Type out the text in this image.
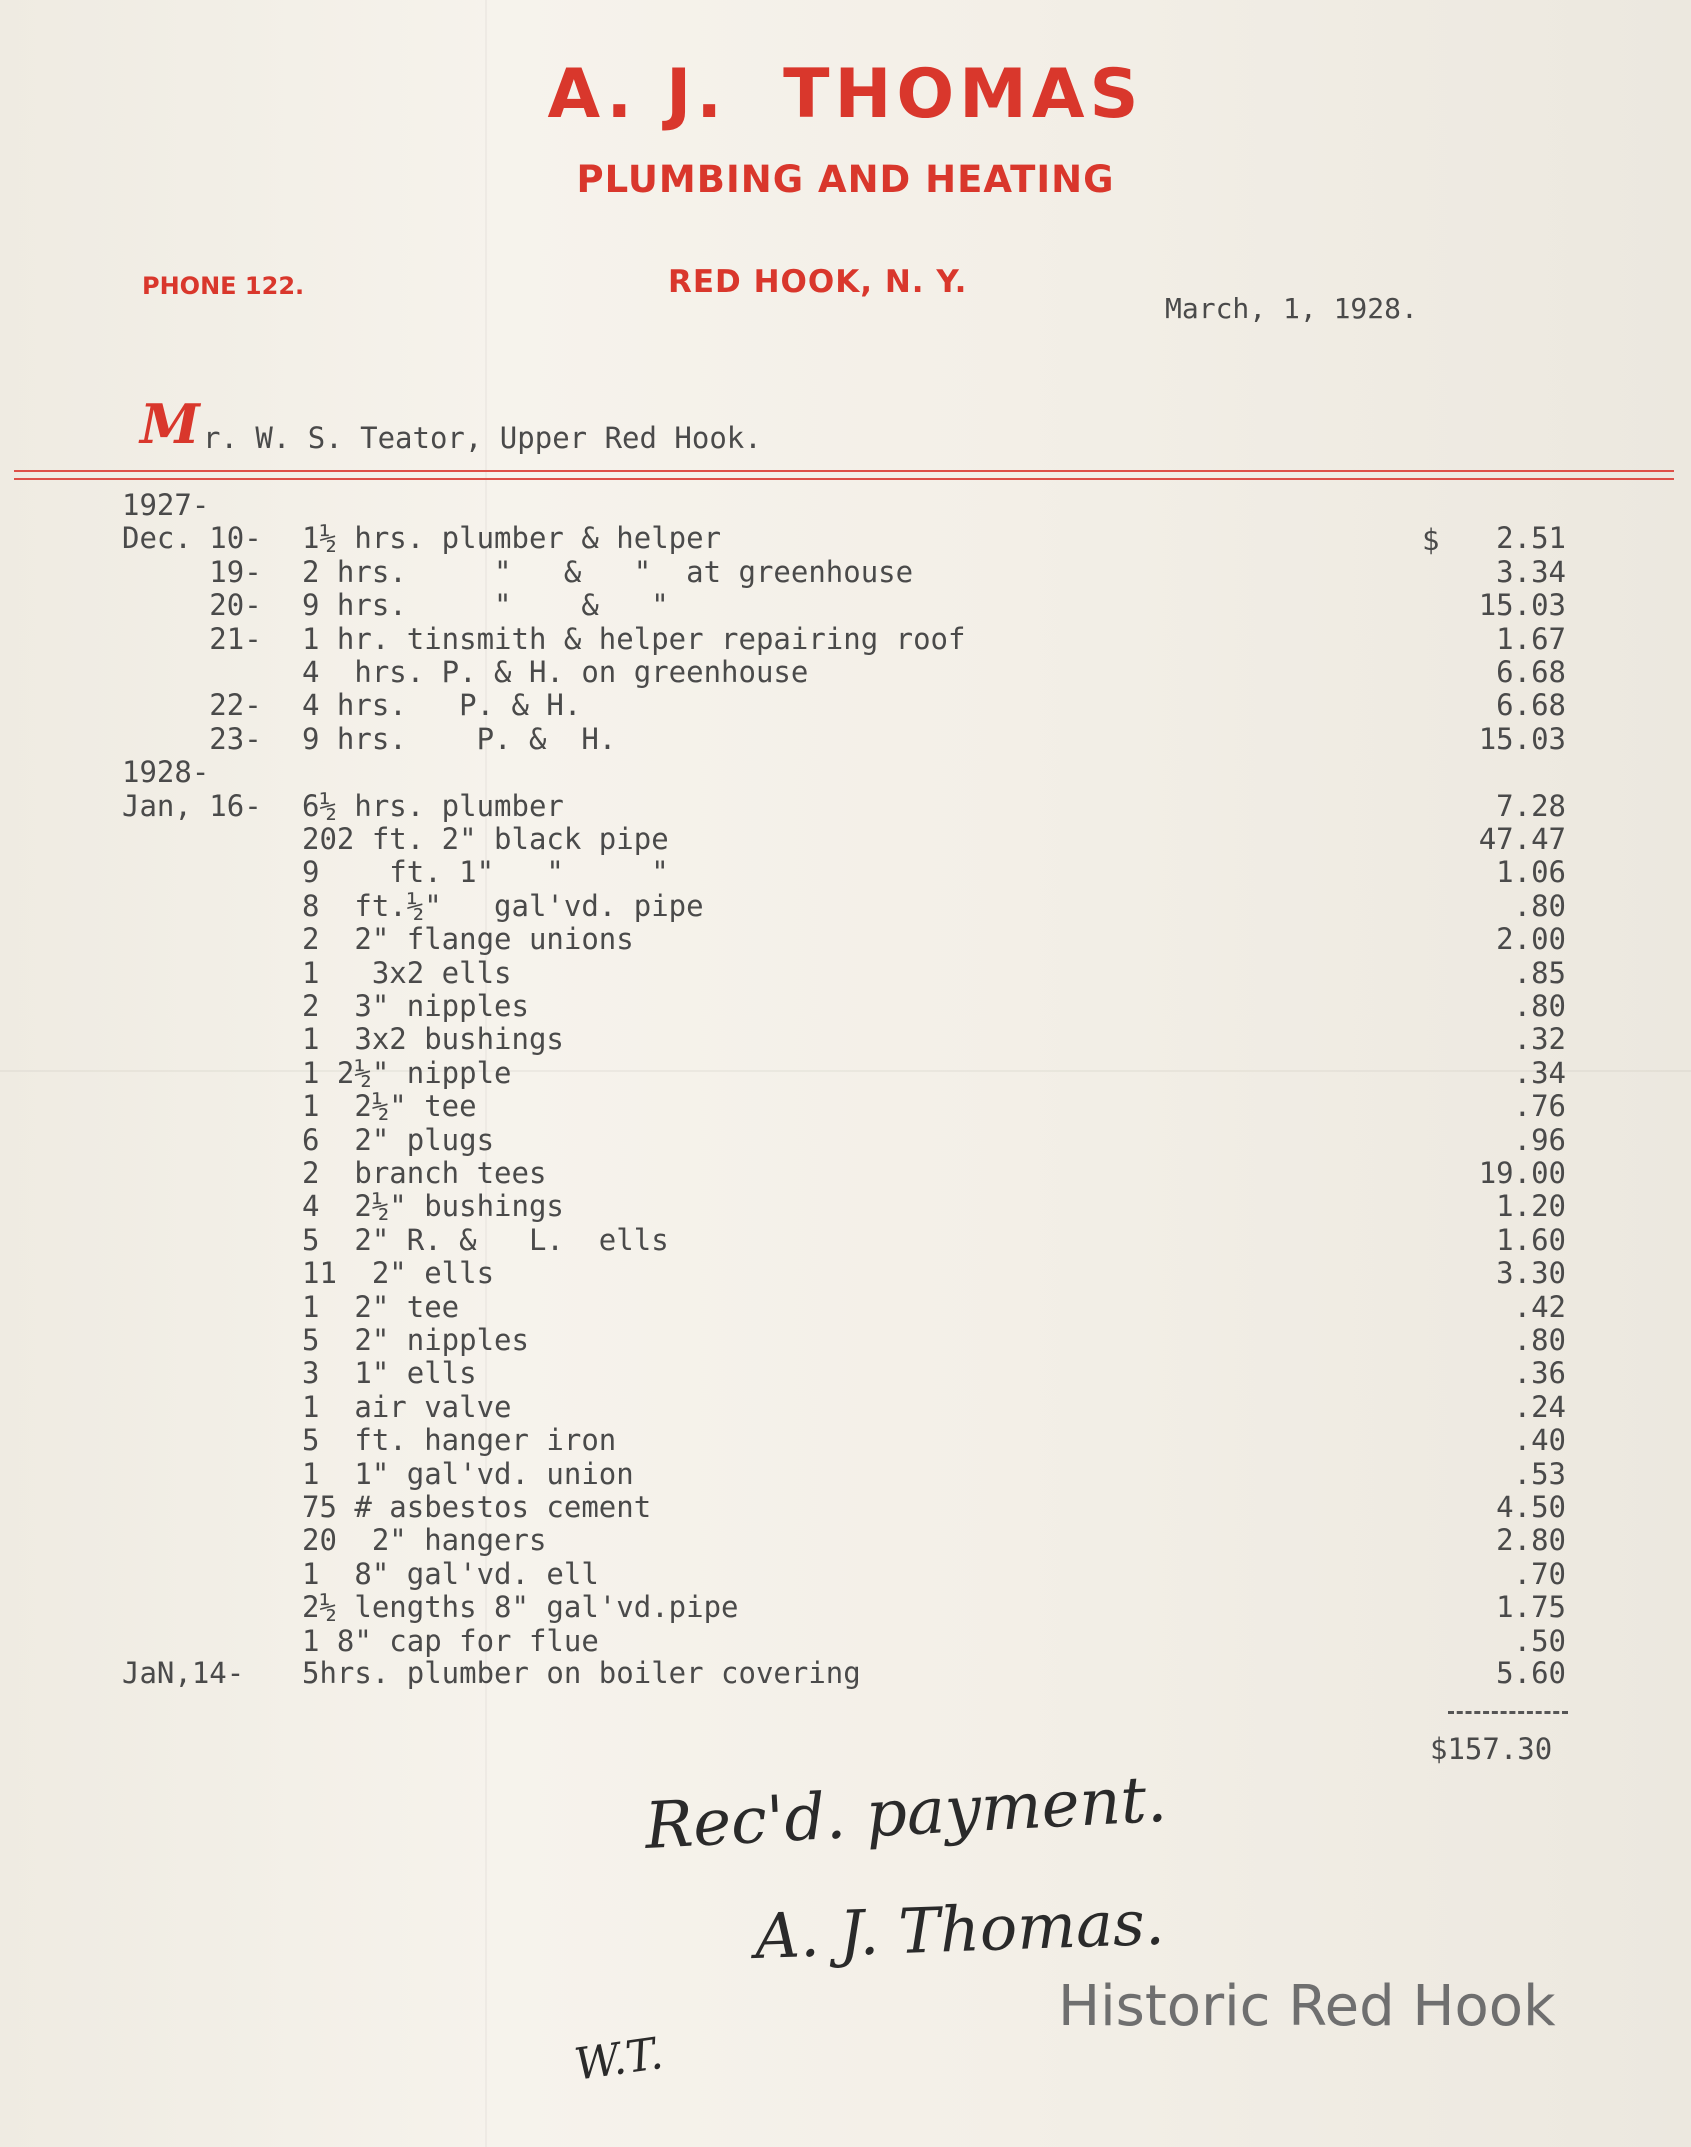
A. J. THOMAS
PLUMBING AND HEATING
PHONE 122.	RED HOOK, N. Y.
March, 1, 1928.
M r. W. S. Teator, Upper Red Hook.
$
1927-
Dec. 10- 1½ hrs. plumber & helper	2.51
19- 2 hrs.     "   &   "  at greenhouse	3.34
20- 9 hrs.     "    &   "	15.03
21- 1 hr. tinsmith & helper repairing roof	1.67
4  hrs. P. & H. on greenhouse	6.68
22- 4 hrs.   P. & H.	6.68
23- 9 hrs.    P. &  H.	15.03
1928-
Jan, 16- 6½ hrs. plumber	7.28
202 ft. 2" black pipe	47.47
9    ft. 1"   "     "	1.06
8  ft.½"   gal'vd. pipe	.80
2  2" flange unions	2.00
1   3x2 ells	.85
2  3" nipples	.80
1  3x2 bushings	.32
1 2½" nipple	.34
1  2½" tee	.76
6  2" plugs	.96
2  branch tees	19.00
4  2½" bushings	1.20
5  2" R. &   L.  ells	1.60
11  2" ells	3.30
1  2" tee	.42
5  2" nipples	.80
3  1" ells	.36
1  air valve	.24
5  ft. hanger iron	.40
1  1" gal'vd. union	.53
75 # asbestos cement	4.50
20  2" hangers	2.80
1  8" gal'vd. ell	.70
2½ lengths 8" gal'vd.pipe	1.75
1 8" cap for flue	.50
JaN,14- 5hrs. plumber on boiler covering	5.60
$157.30
Rec'd. payment.
A. J. Thomas.
W.T.
Historic Red Hook
